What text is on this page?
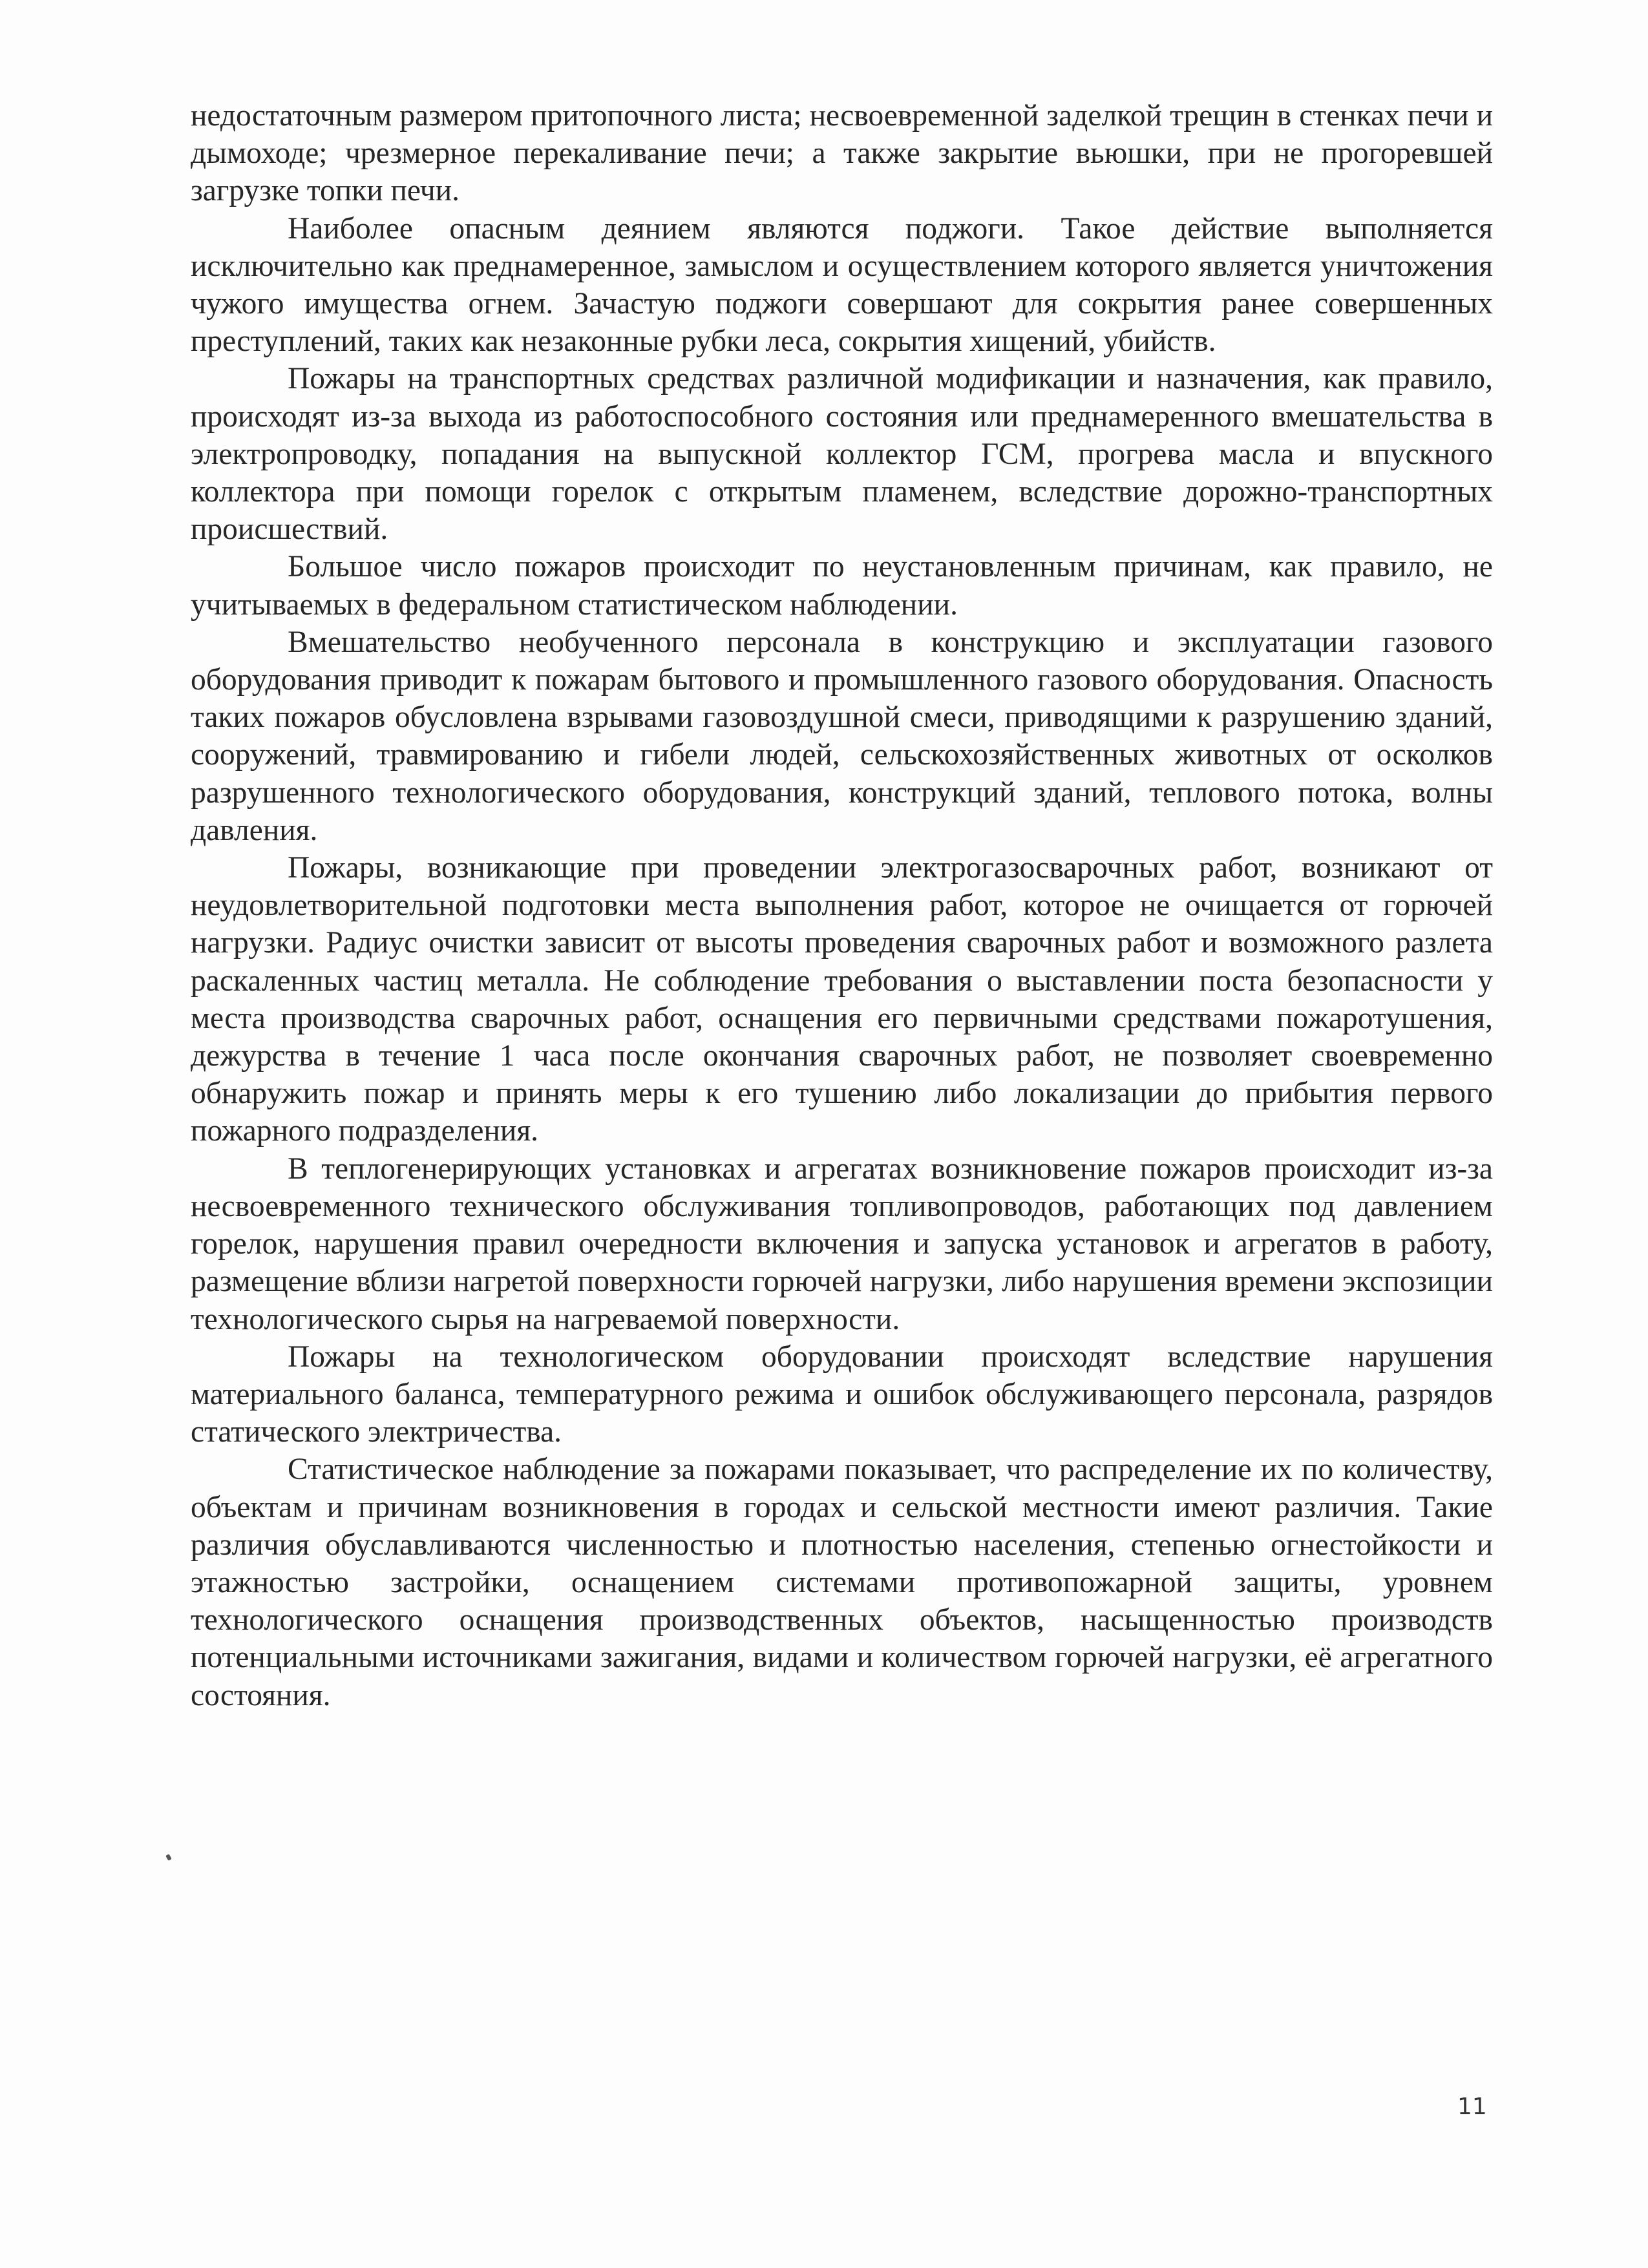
недостаточным размером притопочного листа; несвоевременной заделкой трещин в стенках печи и дымоходе; чрезмерное перекаливание печи; а также закрытие вьюшки, при не прогоревшей загрузке топки печи.

Наиболее опасным деянием являются поджоги. Такое действие выполняется исключительно как преднамеренное, замыслом и осуществлением которого является уничтожения чужого имущества огнем. Зачастую поджоги совершают для сокрытия ранее совершенных преступлений, таких как незаконные рубки леса, сокрытия хищений, убийств.

Пожары на транспортных средствах различной модификации и назначения, как правило, происходят из-за выхода из работоспособного состояния или преднамеренного вмешательства в электропроводку, попадания на выпускной коллектор ГСМ, прогрева масла и впускного коллектора при помощи горелок с открытым пламенем, вследствие дорожно-транспортных происшествий.

Большое число пожаров происходит по неустановленным причинам, как правило, не учитываемых в федеральном статистическом наблюдении.

Вмешательство необученного персонала в конструкцию и эксплуатации газового оборудования приводит к пожарам бытового и промышленного газового оборудования. Опасность таких пожаров обусловлена взрывами газовоздушной смеси, приводящими к разрушению зданий, сооружений, травмированию и гибели людей, сельскохозяйственных животных от осколков разрушенного технологического оборудования, конструкций зданий, теплового потока, волны давления.

Пожары, возникающие при проведении электрогазосварочных работ, возникают от неудовлетворительной подготовки места выполнения работ, которое не очищается от горючей нагрузки. Радиус очистки зависит от высоты проведения сварочных работ и возможного разлета раскаленных частиц металла. Не соблюдение требования о выставлении поста безопасности у места производства сварочных работ, оснащения его первичными средствами пожаротушения, дежурства в течение 1 часа после окончания сварочных работ, не позволяет своевременно обнаружить пожар и принять меры к его тушению либо локализации до прибытия первого пожарного подразделения.

В теплогенерирующих установках и агрегатах возникновение пожаров происходит из-за несвоевременного технического обслуживания топливопроводов, работающих под давлением горелок, нарушения правил очередности включения и запуска установок и агрегатов в работу, размещение вблизи нагретой поверхности горючей нагрузки, либо нарушения времени экспозиции технологического сырья на нагреваемой поверхности.

Пожары на технологическом оборудовании происходят вследствие нарушения материального баланса, температурного режима и ошибок обслуживающего персонала, разрядов статического электричества.

Статистическое наблюдение за пожарами показывает, что распределение их по количеству, объектам и причинам возникновения в городах и сельской местности имеют различия. Такие различия обуславливаются численностью и плотностью населения, степенью огнестойкости и этажностью застройки, оснащением системами противопожарной защиты, уровнем технологического оснащения производственных объектов, насыщенностью производств потенциальными источниками зажигания, видами и количеством горючей нагрузки, её агрегатного состояния.

11
